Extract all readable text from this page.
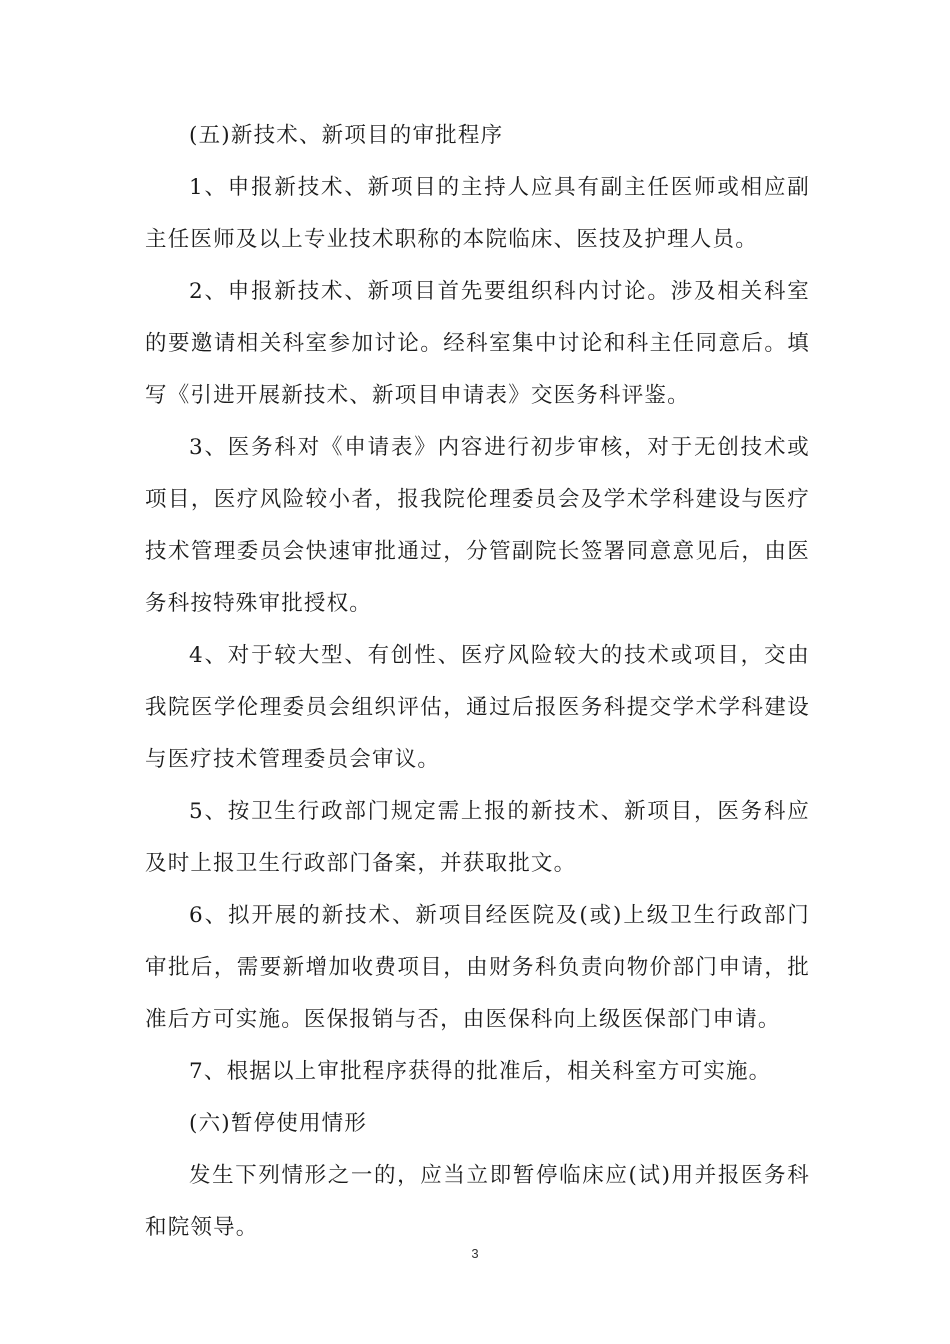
(五)新技术、新项目的审批程序

1、申报新技术、新项目的主持人应具有副主任医师或相应副主任医师及以上专业技术职称的本院临床、医技及护理人员。

2、申报新技术、新项目首先要组织科内讨论。涉及相关科室的要邀请相关科室参加讨论。经科室集中讨论和科主任同意后。填写《引进开展新技术、新项目申请表》交医务科评鉴。

3、医务科对《申请表》内容进行初步审核，对于无创技术或项目，医疗风险较小者，报我院伦理委员会及学术学科建设与医疗技术管理委员会快速审批通过，分管副院长签署同意意见后，由医务科按特殊审批授权。

4、对于较大型、有创性、医疗风险较大的技术或项目，交由我院医学伦理委员会组织评估，通过后报医务科提交学术学科建设与医疗技术管理委员会审议。

5、按卫生行政部门规定需上报的新技术、新项目，医务科应及时上报卫生行政部门备案，并获取批文。

6、拟开展的新技术、新项目经医院及(或)上级卫生行政部门审批后，需要新增加收费项目，由财务科负责向物价部门申请，批准后方可实施。医保报销与否，由医保科向上级医保部门申请。

7、根据以上审批程序获得的批准后，相关科室方可实施。

(六)暂停使用情形

发生下列情形之一的，应当立即暂停临床应(试)用并报医务科和院领导。

3
